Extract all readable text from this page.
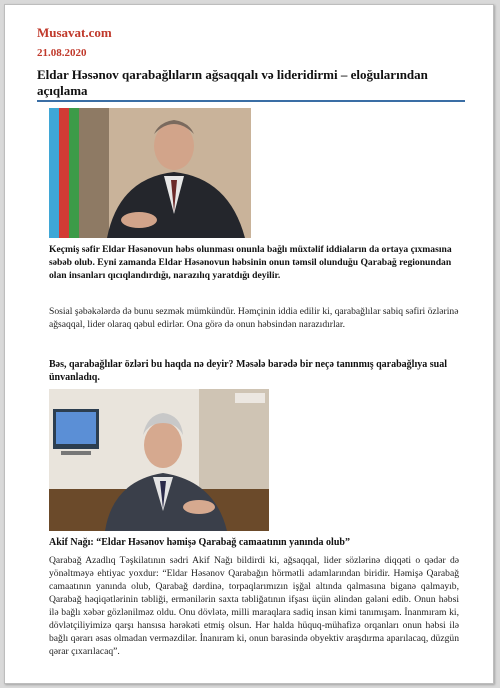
Musavat.com
21.08.2020
Eldar Həsənov qarabağlıların ağsaqqalı və lideridirmi – eloğularından açıqlama
Keçmiş səfir Eldar Həsənovun həbs olunması onunla bağlı müxtəlif iddiaların da ortaya çıxmasına səbəb olub. Eyni zamanda Eldar Həsənovun həbsinin onun təmsil olunduğu Qarabağ regionundan olan insanları qıcıqlandırdığı, narazılıq yaratdığı deyilir.
Sosial şəbəkələrdə də bunu sezmək mümkündür. Həmçinin iddia edilir ki, qarabağlılar sabiq səfiri özlərinə ağsaqqal, lider olaraq qəbul edirlər. Ona görə də onun həbsindən narazıdırlar.
Bəs, qarabağlılar özləri bu haqda nə deyir? Məsələ barədə bir neçə tanınmış qarabağlıya sual ünvanladıq.
Akif Nağı: “Eldar Həsənov həmişə Qarabağ camaatının yanında olub”
Qarabağ Azadlıq Təşkilatının sədri Akif Nağı bildirdi ki, ağsaqqal, lider sözlərinə diqqəti o qədər də yönəltməyə ehtiyac yoxdur: “Eldar Həsənov Qarabağın hörmətli adamlarından biridir. Həmişə Qarabağ camaatının yanında olub, Qarabağ dərdinə, torpaqlarımızın işğal altında qalmasına biganə qalmayıb, Qarabağ həqiqətlərinin təbliği, ermənilərin saxta təbliğatının ifşası üçün əlindən gələni edib. Onun həbsi ilə bağlı xəbər gözlənilməz oldu. Onu dövlətə, milli maraqlara sadiq insan kimi tanımışam. İnanmıram ki, dövlətçiliyimizə qarşı hansısa hərəkəti etmiş olsun. Hər halda hüquq-mühafizə orqanları onun həbsi ilə bağlı qərarı əsas olmadan verməzdilər. İnanıram ki, onun barəsində obyektiv araşdırma aparılacaq, düzgün qərar çıxarılacaq”.
